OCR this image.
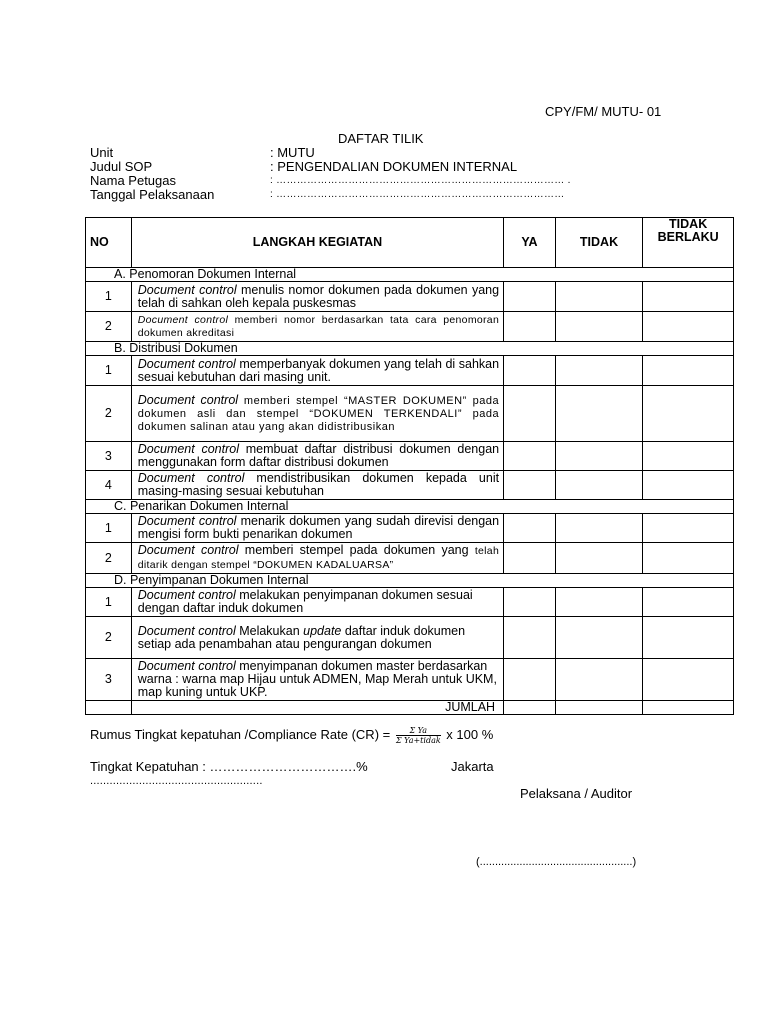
CPY/FM/ MUTU- 01
DAFTAR TILIK
Unit	: MUTU
Judul SOP	: PENGENDALIAN DOKUMEN INTERNAL
Nama Petugas	: ………………………………………………………………………… .
Tanggal Pelaksanaan	: …………………………………………………………………………
NO	LANGKAH KEGIATAN	YA	TIDAK	TIDAK
BERLAKU

A. Penomoran Dokumen Internal				
1	Document control menulis nomor dokumen pada dokumen yang telah di sahkan oleh kepala puskesmas			
2	Document control memberi nomor berdasarkan tata cara penomoran dokumen akreditasi			
B. Distribusi Dokumen				
1	Document control memperbanyak dokumen yang telah di sahkan sesuai kebutuhan dari masing unit.			
2	Document control memberi stempel “MASTER DOKUMEN” pada dokumen asli dan stempel “DOKUMEN TERKENDALI” pada dokumen salinan atau yang akan didistribusikan			
3	Document control membuat daftar distribusi dokumen dengan menggunakan form daftar distribusi dokumen			
4	Document control mendistribusikan dokumen kepada unit masing-masing sesuai kebutuhan			
C. Penarikan Dokumen Internal				
1	Document control menarik dokumen yang sudah direvisi dengan mengisi form bukti penarikan dokumen			
2	Document control memberi stempel pada dokumen yang telah ditarik dengan stempel “DOKUMEN KADALUARSA”			
D. Penyimpanan Dokumen Internal				
1	Document control melakukan penyimpanan dokumen sesuai dengan daftar induk dokumen			
2	Document control Melakukan update daftar induk dokumen setiap ada penambahan atau pengurangan dokumen			
3	Document control menyimpanan dokumen master berdasarkan warna : warna map Hijau untuk ADMEN, Map Merah untuk UKM, map kuning untuk UKP.			
	JUMLAH			
Rumus Tingkat kepatuhan /Compliance Rate $(CR) = \frac{\text{Σ Ya}}{\text{Σ Ya+tidak}}$ x 100 %
Tingkat Kepatuhan : …………………………….%	Jakarta
.....................................................
Pelaksana / Auditor
(..................................................)
